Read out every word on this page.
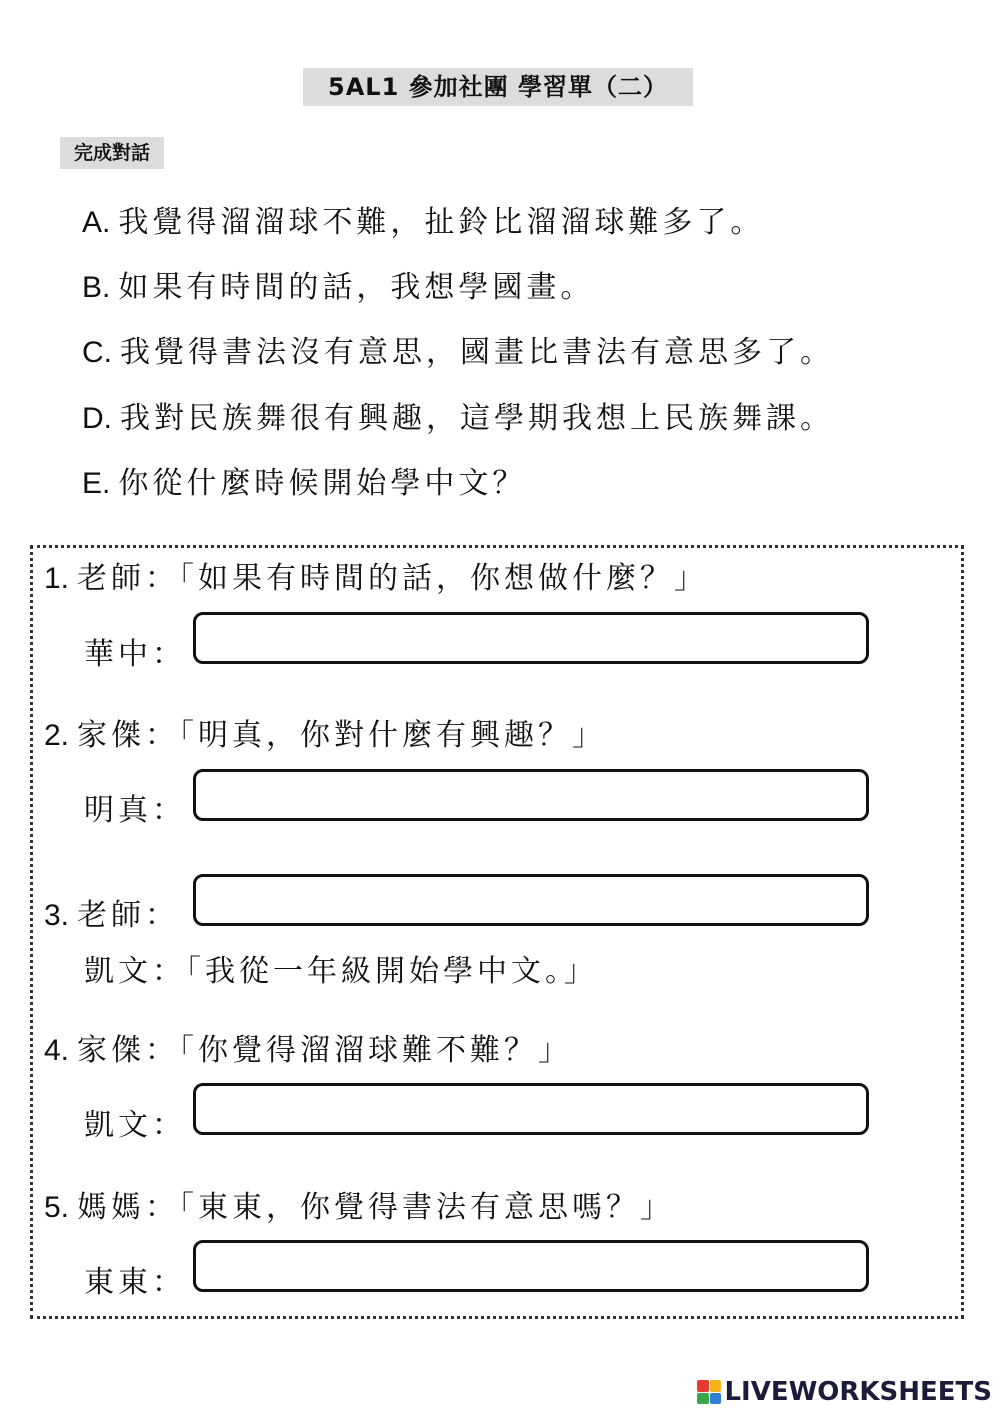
5AL1 參加社團 學習單（二）
完成對話
A. 我覺得溜溜球不難，扯鈴比溜溜球難多了。
B. 如果有時間的話，我想學國畫。
C. 我覺得書法沒有意思，國畫比書法有意思多了。
D. 我對民族舞很有興趣，這學期我想上民族舞課。
E. 你從什麼時候開始學中文？
1. 老師：「如果有時間的話，你想做什麼？」
華中：
2. 家傑：「明真，你對什麼有興趣？」
明真：
3. 老師：
凱文：「我從一年級開始學中文。」
4. 家傑：「你覺得溜溜球難不難？」
凱文：
5. 媽媽：「東東，你覺得書法有意思嗎？」
東東：
LIVEWORKSHEETS
